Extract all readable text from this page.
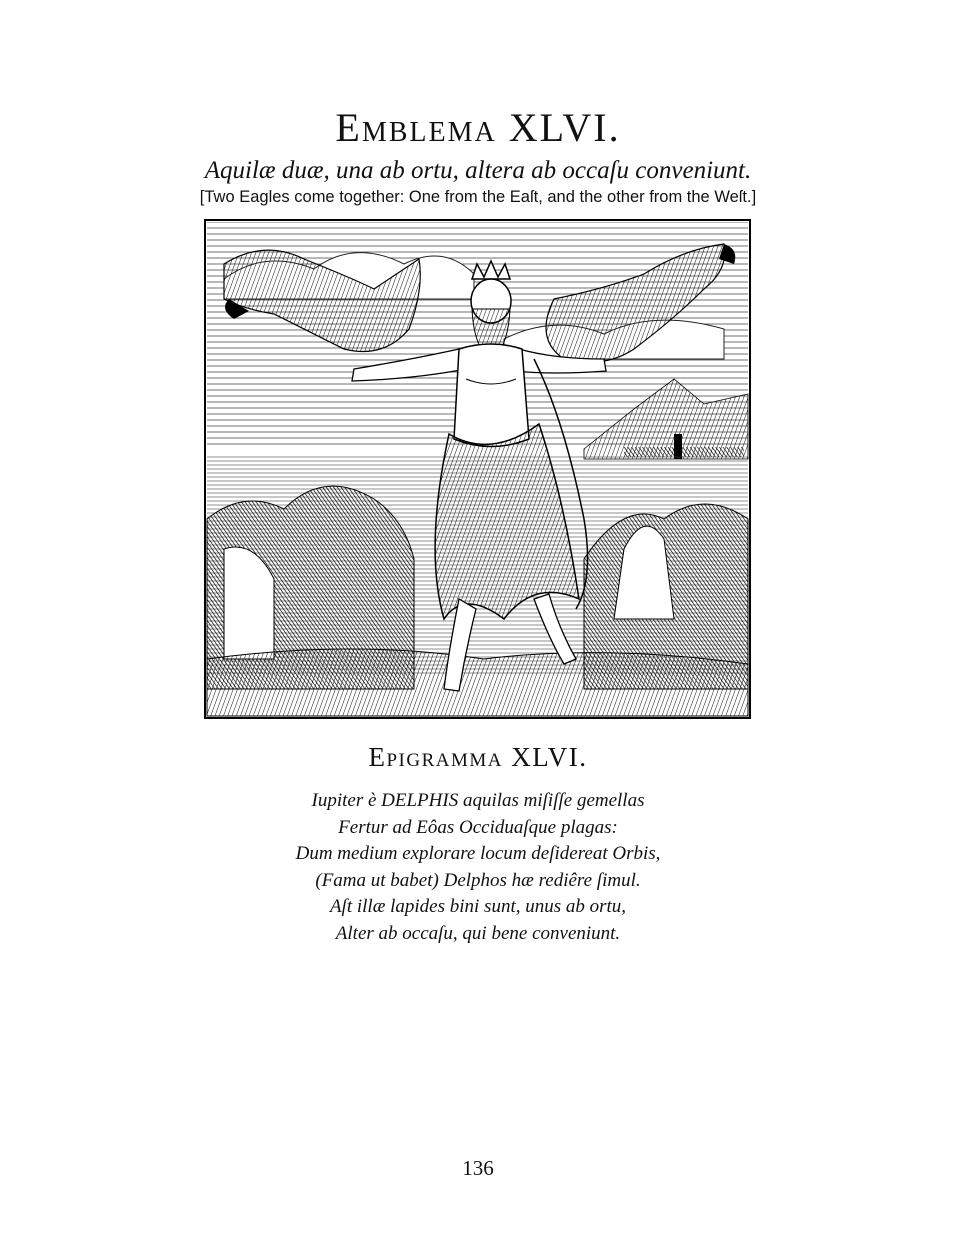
Emblema XLVI.
Aquilæ duæ, una ab ortu, altera ab occaſu conveniunt.
[Two Eagles come together: One from the Eaſt, and the other from the Weſt.]
Epigramma XLVI.
Iupiter è DELPHIS aquilas miſiſſe gemellas
Fertur ad Eôas Occiduaſque plagas:
Dum medium explorare locum deſidereat Orbis,
(Fama ut babet) Delphos hæ rediêre ſimul.
Aſt illæ lapides bini sunt, unus ab ortu,
Alter ab occaſu, qui bene conveniunt.
136
